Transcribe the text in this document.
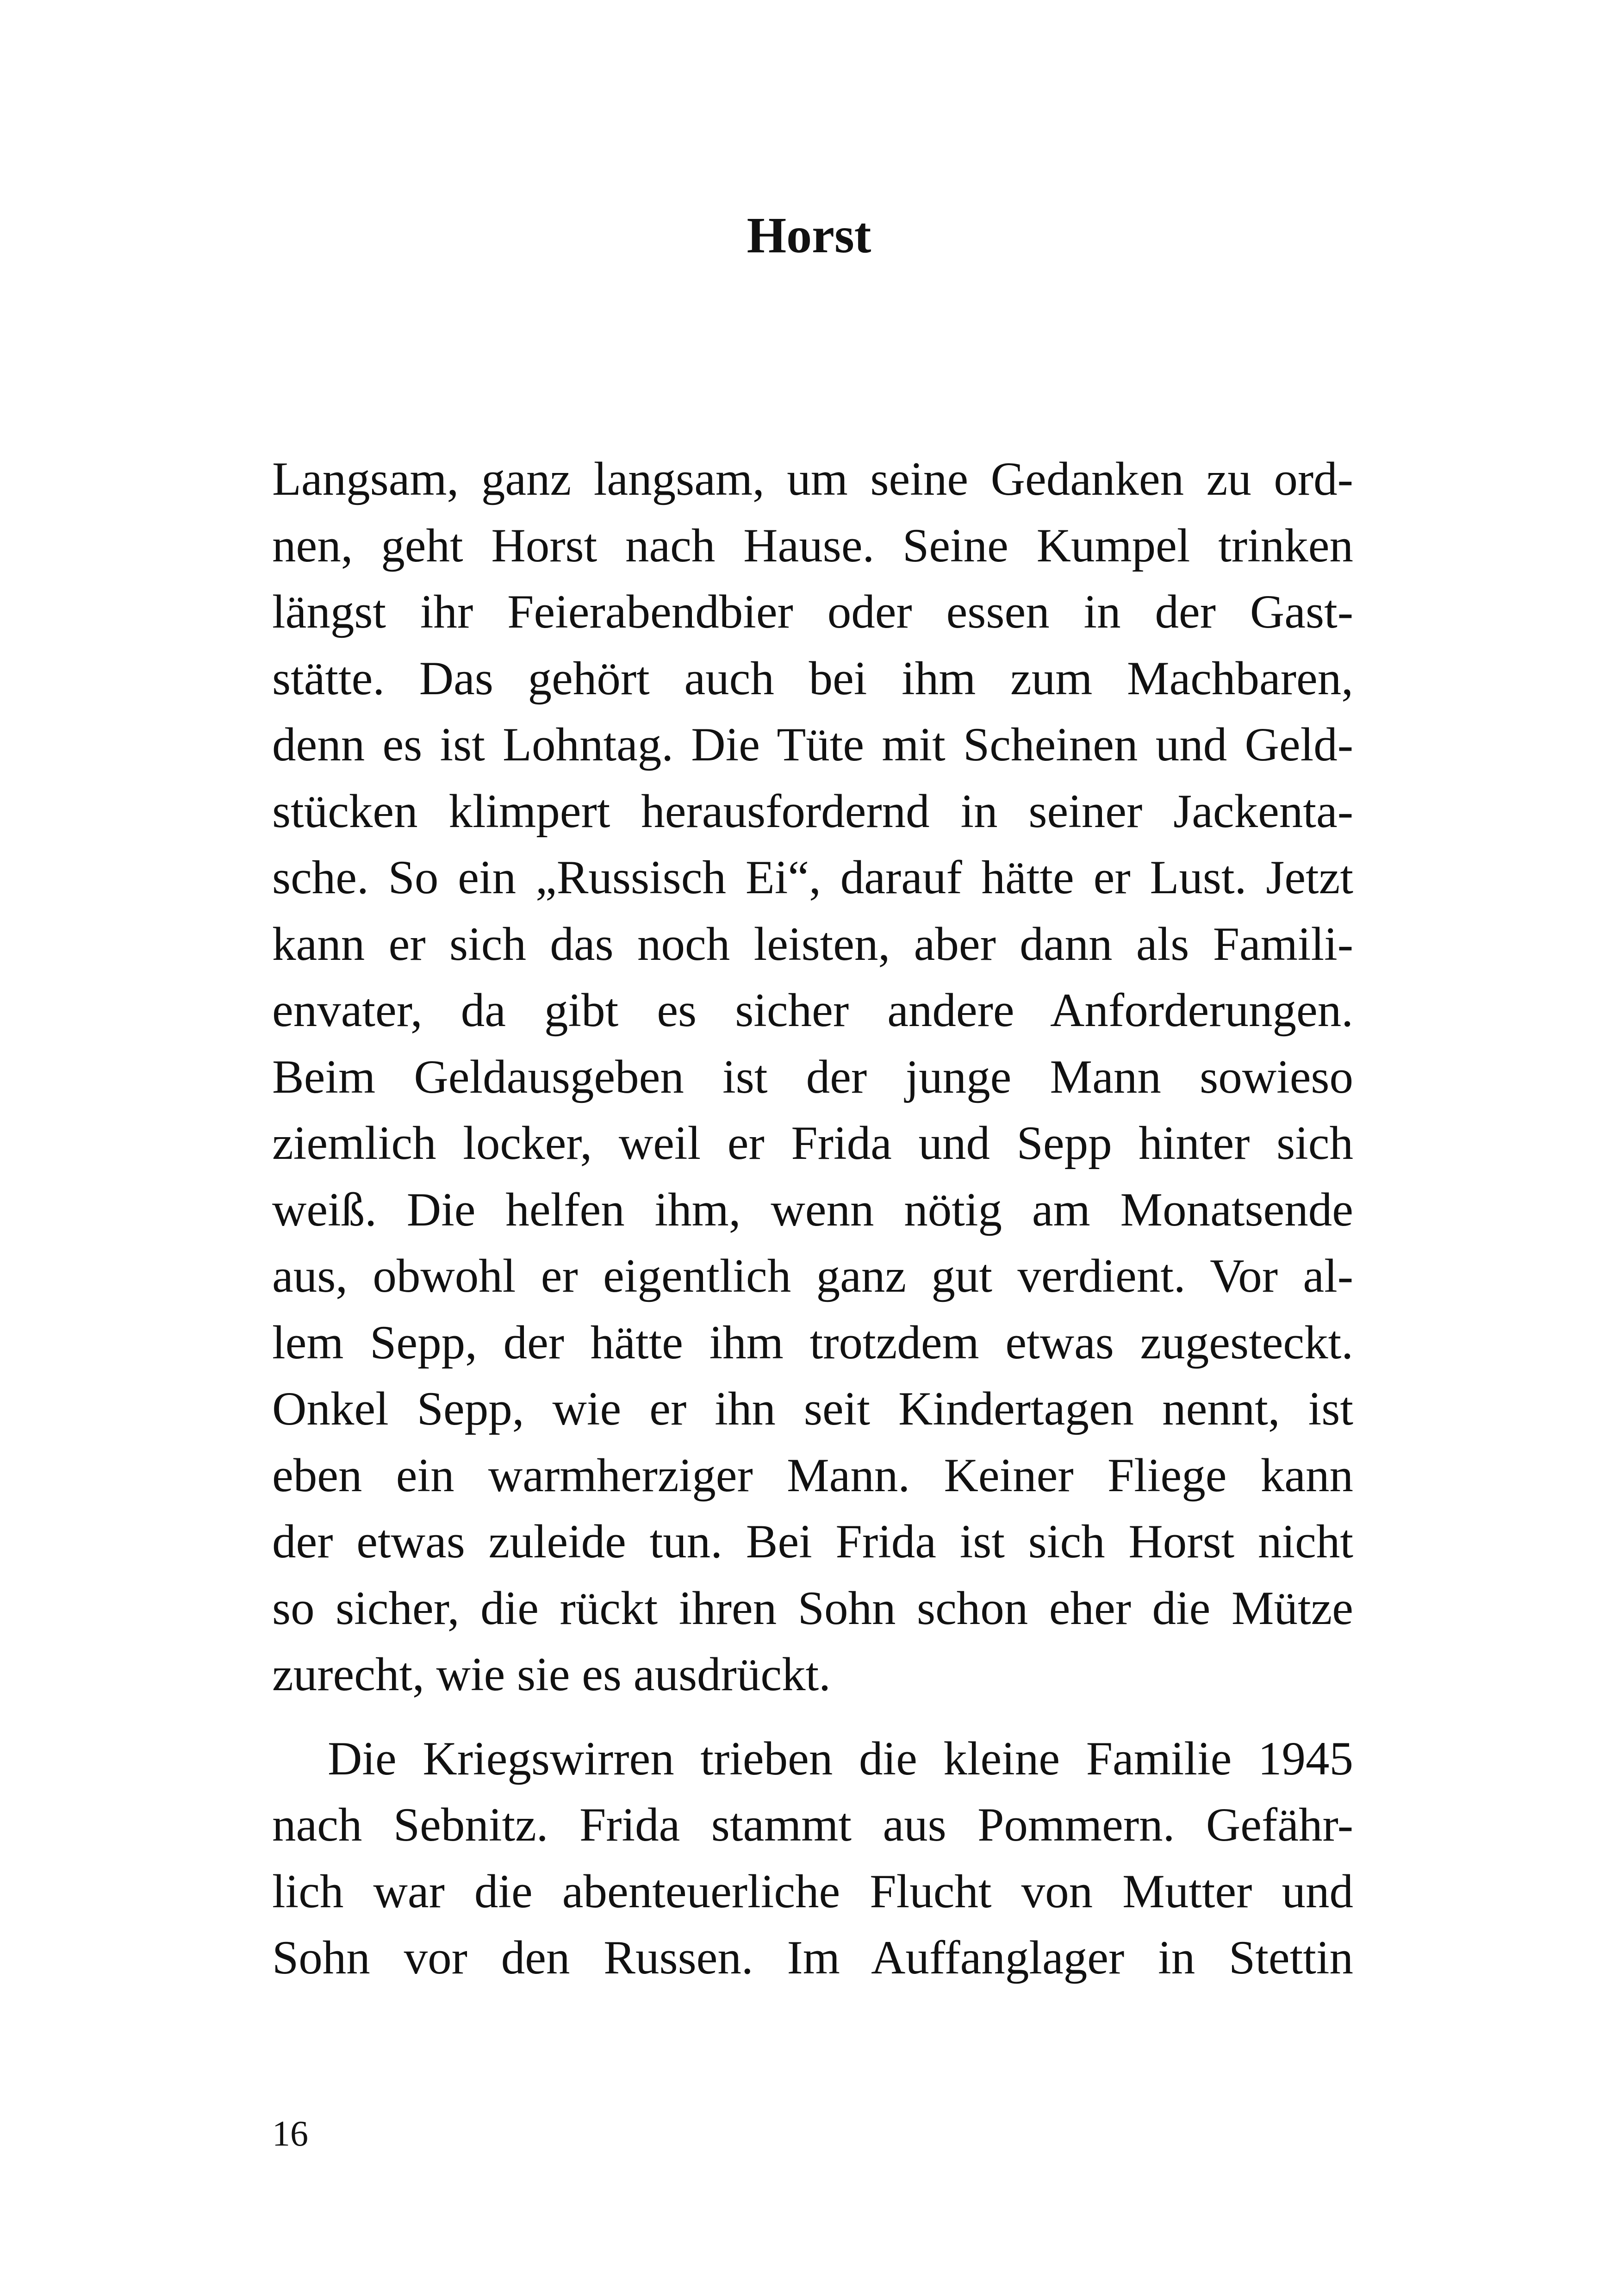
Horst
Langsam, ganz langsam, um seine Gedanken zu ord-
nen, geht Horst nach Hause. Seine Kumpel trinken
längst ihr Feierabendbier oder essen in der Gast-
stätte. Das gehört auch bei ihm zum Machbaren,
denn es ist Lohntag. Die Tüte mit Scheinen und Geld-
stücken klimpert herausfordernd in seiner Jackenta-
sche. So ein „Russisch Ei“, darauf hätte er Lust. Jetzt
kann er sich das noch leisten, aber dann als Famili-
envater, da gibt es sicher andere Anforderungen.
Beim Geldausgeben ist der junge Mann sowieso
ziemlich locker, weil er Frida und Sepp hinter sich
weiß. Die helfen ihm, wenn nötig am Monatsende
aus, obwohl er eigentlich ganz gut verdient. Vor al-
lem Sepp, der hätte ihm trotzdem etwas zugesteckt.
Onkel Sepp, wie er ihn seit Kindertagen nennt, ist
eben ein warmherziger Mann. Keiner Fliege kann
der etwas zuleide tun. Bei Frida ist sich Horst nicht
so sicher, die rückt ihren Sohn schon eher die Mütze
zurecht, wie sie es ausdrückt.
Die Kriegswirren trieben die kleine Familie 1945
nach Sebnitz. Frida stammt aus Pommern. Gefähr-
lich war die abenteuerliche Flucht von Mutter und
Sohn vor den Russen. Im Auffanglager in Stettin
16
